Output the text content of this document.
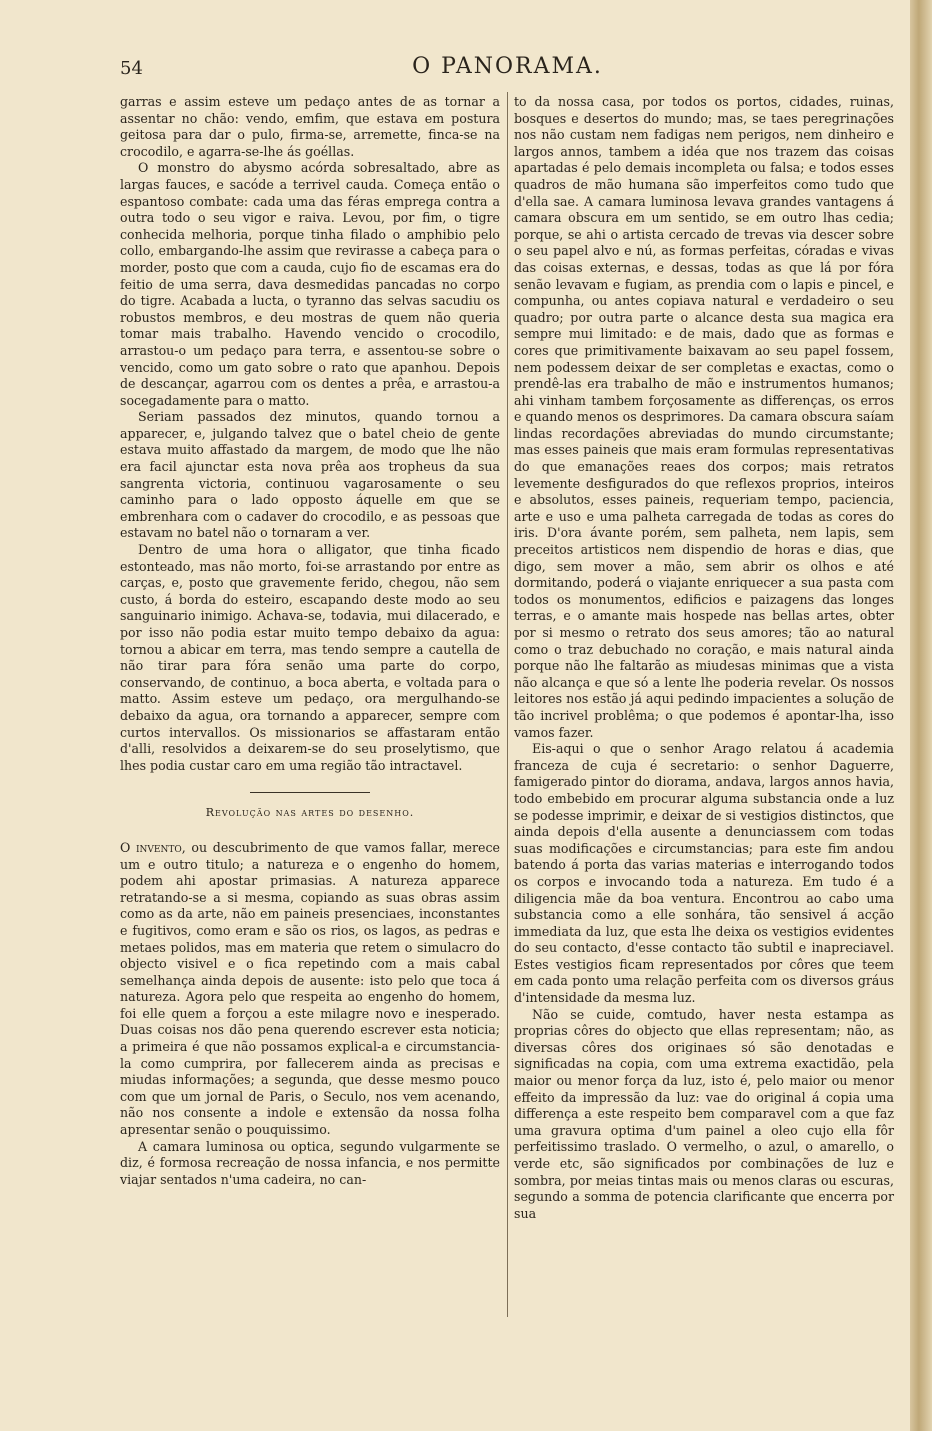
54	O PANORAMA.

garras e assim esteve um pedaço antes de as tornar a assentar no chão: vendo, emfim, que estava em postura geitosa para dar o pulo, firma-se, arremette, finca-se na crocodilo, e agarra-se-lhe ás goéllas.

O monstro do abysmo acórda sobresaltado, abre as largas fauces, e sacóde a terrivel cauda. Começa então o espantoso combate: cada uma das féras emprega contra a outra todo o seu vigor e raiva. Levou, por fim, o tigre conhecida melhoria, porque tinha filado o amphibio pelo collo, embargando-lhe assim que revirasse a cabeça para o morder, posto que com a cauda, cujo fio de escamas era do feitio de uma serra, dava desmedidas pancadas no corpo do tigre. Acabada a lucta, o tyranno das selvas sacudiu os robustos membros, e deu mostras de quem não queria tomar mais trabalho. Havendo vencido o crocodilo, arrastou-o um pedaço para terra, e assentou-se sobre o vencido, como um gato sobre o rato que apanhou. Depois de descançar, agarrou com os dentes a prêa, e arrastou-a socegadamente para o matto.

Seriam passados dez minutos, quando tornou a apparecer, e, julgando talvez que o batel cheio de gente estava muito affastado da margem, de modo que lhe não era facil ajunctar esta nova prêa aos tropheus da sua sangrenta victoria, continuou vagarosamente o seu caminho para o lado opposto áquelle em que se embrenhara com o cadaver do crocodilo, e as pessoas que estavam no batel não o tornaram a ver.

Dentro de uma hora o alligator, que tinha ficado estonteado, mas não morto, foi-se arrastando por entre as carças, e, posto que gravemente ferido, chegou, não sem custo, á borda do esteiro, escapando deste modo ao seu sanguinario inimigo. Achava-se, todavia, mui dilacerado, e por isso não podia estar muito tempo debaixo da agua: tornou a abicar em terra, mas tendo sempre a cautella de não tirar para fóra senão uma parte do corpo, conservando, de continuo, a boca aberta, e voltada para o matto. Assim esteve um pedaço, ora mergulhando-se debaixo da agua, ora tornando a apparecer, sempre com curtos intervallos. Os missionarios se affastaram então d'alli, resolvidos a deixarem-se do seu proselytismo, que lhes podia custar caro em uma região tão intractavel.

Revolução nas artes do desenho.

O invento, ou descubrimento de que vamos fallar, merece um e outro titulo; a natureza e o engenho do homem, podem ahi apostar primasias. A natureza apparece retratando-se a si mesma, copiando as suas obras assim como as da arte, não em paineis presenciaes, inconstantes e fugitivos, como eram e são os rios, os lagos, as pedras e metaes polidos, mas em materia que retem o simulacro do objecto visivel e o fica repetindo com a mais cabal semelhança ainda depois de ausente: isto pelo que toca á natureza. Agora pelo que respeita ao engenho do homem, foi elle quem a forçou a este milagre novo e inesperado. Duas coisas nos dão pena querendo escrever esta noticia; a primeira é que não possamos explical-a e circumstancia-la como cumprira, por fallecerem ainda as precisas e miudas informações; a segunda, que desse mesmo pouco com que um jornal de Paris, o Seculo, nos vem acenando, não nos consente a indole e extensão da nossa folha apresentar senão o pouquissimo.

A camara luminosa ou optica, segundo vulgarmente se diz, é formosa recreação de nossa infancia, e nos permitte viajar sentados n'uma cadeira, no can-

to da nossa casa, por todos os portos, cidades, ruinas, bosques e desertos do mundo; mas, se taes peregrinações nos não custam nem fadigas nem perigos, nem dinheiro e largos annos, tambem a idéa que nos trazem das coisas apartadas é pelo demais incompleta ou falsa; e todos esses quadros de mão humana são imperfeitos como tudo que d'ella sae. A camara luminosa levava grandes vantagens á camara obscura em um sentido, se em outro lhas cedia; porque, se ahi o artista cercado de trevas via descer sobre o seu papel alvo e nú, as formas perfeitas, córadas e vivas das coisas externas, e dessas, todas as que lá por fóra senão levavam e fugiam, as prendia com o lapis e pincel, e compunha, ou antes copiava natural e verdadeiro o seu quadro; por outra parte o alcance desta sua magica era sempre mui limitado: e de mais, dado que as formas e cores que primitivamente baixavam ao seu papel fossem, nem podessem deixar de ser completas e exactas, como o prendê-las era trabalho de mão e instrumentos humanos; ahi vinham tambem forçosamente as differenças, os erros e quando menos os desprimores. Da camara obscura saíam lindas recordações abreviadas do mundo circumstante; mas esses paineis que mais eram formulas representativas do que emanações reaes dos corpos; mais retratos levemente desfigurados do que reflexos proprios, inteiros e absolutos, esses paineis, requeriam tempo, paciencia, arte e uso e uma palheta carregada de todas as cores do iris. D'ora ávante porém, sem palheta, nem lapis, sem preceitos artisticos nem dispendio de horas e dias, que digo, sem mover a mão, sem abrir os olhos e até dormitando, poderá o viajante enriquecer a sua pasta com todos os monumentos, edificios e paizagens das longes terras, e o amante mais hospede nas bellas artes, obter por si mesmo o retrato dos seus amores; tão ao natural como o traz debuchado no coração, e mais natural ainda porque não lhe faltarão as miudesas minimas que a vista não alcança e que só a lente lhe poderia revelar. Os nossos leitores nos estão já aqui pedindo impacientes a solução de tão incrivel problêma; o que podemos é apontar-lha, isso vamos fazer.

Eis-aqui o que o senhor Arago relatou á academia franceza de cuja é secretario: o senhor Daguerre, famigerado pintor do diorama, andava, largos annos havia, todo embebido em procurar alguma substancia onde a luz se podesse imprimir, e deixar de si vestigios distinctos, que ainda depois d'ella ausente a denunciassem com todas suas modificações e circumstancias; para este fim andou batendo á porta das varias materias e interrogando todos os corpos e invocando toda a natureza. Em tudo é a diligencia mãe da boa ventura. Encontrou ao cabo uma substancia como a elle sonhára, tão sensivel á acção immediata da luz, que esta lhe deixa os vestigios evidentes do seu contacto, d'esse contacto tão subtil e inapreciavel. Estes vestigios ficam representados por côres que teem em cada ponto uma relação perfeita com os diversos gráus d'intensidade da mesma luz.

Não se cuide, comtudo, haver nesta estampa as proprias côres do objecto que ellas representam; não, as diversas côres dos originaes só são denotadas e significadas na copia, com uma extrema exactidão, pela maior ou menor força da luz, isto é, pelo maior ou menor effeito da impressão da luz: vae do original á copia uma differença a este respeito bem comparavel com a que faz uma gravura optima d'um painel a oleo cujo ella fôr perfeitissimo traslado. O vermelho, o azul, o amarello, o verde etc, são significados por combinações de luz e sombra, por meias tintas mais ou menos claras ou escuras, segundo a somma de potencia clarificante que encerra por sua
